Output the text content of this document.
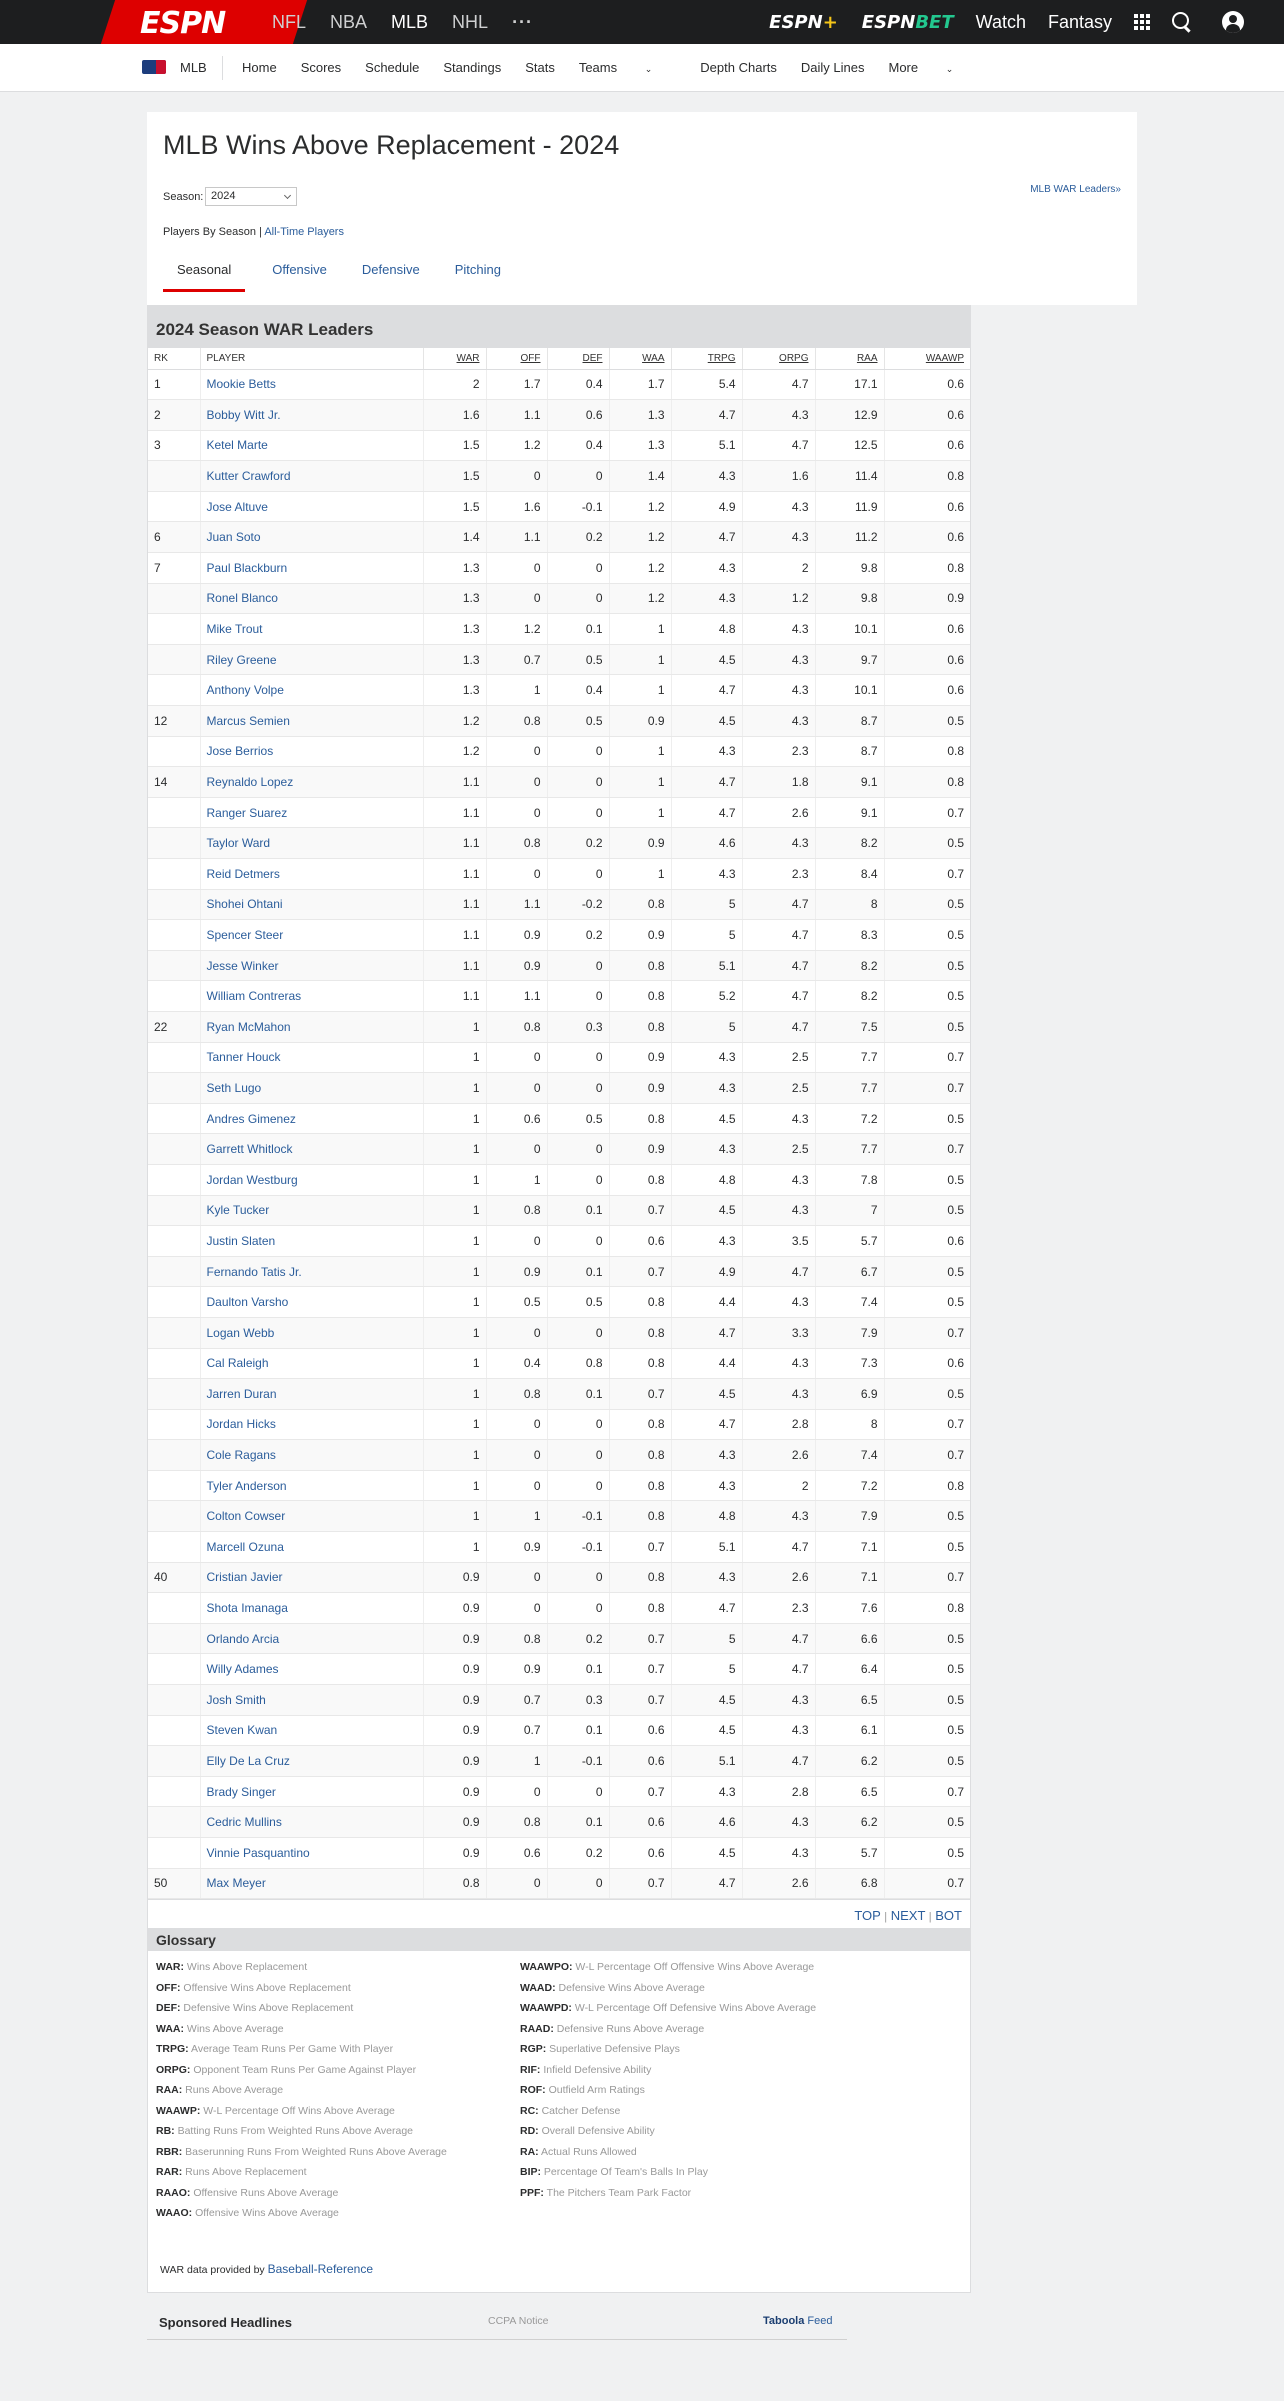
ESPN	NFL NBA MLB NHL ···	ESPN+ ESPNBET Watch Fantasy
MLB	Home Scores Schedule Standings Stats Teams	⌄	Depth Charts Daily Lines More	⌄
MLB Wins Above Replacement - 2024
Season: 2024
MLB WAR Leaders»
Players By Season | All-Time Players
Seasonal	Offensive	Defensive	Pitching
2024 Season WAR Leaders
RK	PLAYER	WAR	OFF	DEF	WAA	TRPG	ORPG	RAA	WAAWP
1	Mookie Betts	2	1.7	0.4	1.7	5.4	4.7	17.1	0.6
2	Bobby Witt Jr.	1.6	1.1	0.6	1.3	4.7	4.3	12.9	0.6
3	Ketel Marte	1.5	1.2	0.4	1.3	5.1	4.7	12.5	0.6
	Kutter Crawford	1.5	0	0	1.4	4.3	1.6	11.4	0.8
	Jose Altuve	1.5	1.6	-0.1	1.2	4.9	4.3	11.9	0.6
6	Juan Soto	1.4	1.1	0.2	1.2	4.7	4.3	11.2	0.6
7	Paul Blackburn	1.3	0	0	1.2	4.3	2	9.8	0.8
	Ronel Blanco	1.3	0	0	1.2	4.3	1.2	9.8	0.9
	Mike Trout	1.3	1.2	0.1	1	4.8	4.3	10.1	0.6
	Riley Greene	1.3	0.7	0.5	1	4.5	4.3	9.7	0.6
	Anthony Volpe	1.3	1	0.4	1	4.7	4.3	10.1	0.6
12	Marcus Semien	1.2	0.8	0.5	0.9	4.5	4.3	8.7	0.5
	Jose Berrios	1.2	0	0	1	4.3	2.3	8.7	0.8
14	Reynaldo Lopez	1.1	0	0	1	4.7	1.8	9.1	0.8
	Ranger Suarez	1.1	0	0	1	4.7	2.6	9.1	0.7
	Taylor Ward	1.1	0.8	0.2	0.9	4.6	4.3	8.2	0.5
	Reid Detmers	1.1	0	0	1	4.3	2.3	8.4	0.7
	Shohei Ohtani	1.1	1.1	-0.2	0.8	5	4.7	8	0.5
	Spencer Steer	1.1	0.9	0.2	0.9	5	4.7	8.3	0.5
	Jesse Winker	1.1	0.9	0	0.8	5.1	4.7	8.2	0.5
	William Contreras	1.1	1.1	0	0.8	5.2	4.7	8.2	0.5
22	Ryan McMahon	1	0.8	0.3	0.8	5	4.7	7.5	0.5
	Tanner Houck	1	0	0	0.9	4.3	2.5	7.7	0.7
	Seth Lugo	1	0	0	0.9	4.3	2.5	7.7	0.7
	Andres Gimenez	1	0.6	0.5	0.8	4.5	4.3	7.2	0.5
	Garrett Whitlock	1	0	0	0.9	4.3	2.5	7.7	0.7
	Jordan Westburg	1	1	0	0.8	4.8	4.3	7.8	0.5
	Kyle Tucker	1	0.8	0.1	0.7	4.5	4.3	7	0.5
	Justin Slaten	1	0	0	0.6	4.3	3.5	5.7	0.6
	Fernando Tatis Jr.	1	0.9	0.1	0.7	4.9	4.7	6.7	0.5
	Daulton Varsho	1	0.5	0.5	0.8	4.4	4.3	7.4	0.5
	Logan Webb	1	0	0	0.8	4.7	3.3	7.9	0.7
	Cal Raleigh	1	0.4	0.8	0.8	4.4	4.3	7.3	0.6
	Jarren Duran	1	0.8	0.1	0.7	4.5	4.3	6.9	0.5
	Jordan Hicks	1	0	0	0.8	4.7	2.8	8	0.7
	Cole Ragans	1	0	0	0.8	4.3	2.6	7.4	0.7
	Tyler Anderson	1	0	0	0.8	4.3	2	7.2	0.8
	Colton Cowser	1	1	-0.1	0.8	4.8	4.3	7.9	0.5
	Marcell Ozuna	1	0.9	-0.1	0.7	5.1	4.7	7.1	0.5
40	Cristian Javier	0.9	0	0	0.8	4.3	2.6	7.1	0.7
	Shota Imanaga	0.9	0	0	0.8	4.7	2.3	7.6	0.8
	Orlando Arcia	0.9	0.8	0.2	0.7	5	4.7	6.6	0.5
	Willy Adames	0.9	0.9	0.1	0.7	5	4.7	6.4	0.5
	Josh Smith	0.9	0.7	0.3	0.7	4.5	4.3	6.5	0.5
	Steven Kwan	0.9	0.7	0.1	0.6	4.5	4.3	6.1	0.5
	Elly De La Cruz	0.9	1	-0.1	0.6	5.1	4.7	6.2	0.5
	Brady Singer	0.9	0	0	0.7	4.3	2.8	6.5	0.7
	Cedric Mullins	0.9	0.8	0.1	0.6	4.6	4.3	6.2	0.5
	Vinnie Pasquantino	0.9	0.6	0.2	0.6	4.5	4.3	5.7	0.5
50	Max Meyer	0.8	0	0	0.7	4.7	2.6	6.8	0.7
TOP | NEXT | BOT
Glossary
WAR: Wins Above Replacement
OFF: Offensive Wins Above Replacement
DEF: Defensive Wins Above Replacement
WAA: Wins Above Average
TRPG: Average Team Runs Per Game With Player
ORPG: Opponent Team Runs Per Game Against Player
RAA: Runs Above Average
WAAWP: W-L Percentage Off Wins Above Average
RB: Batting Runs From Weighted Runs Above Average
RBR: Baserunning Runs From Weighted Runs Above Average
RAR: Runs Above Replacement
RAAO: Offensive Runs Above Average
WAAO: Offensive Wins Above Average
WAAWPO: W-L Percentage Off Offensive Wins Above Average
WAAD: Defensive Wins Above Average
WAAWPD: W-L Percentage Off Defensive Wins Above Average
RAAD: Defensive Runs Above Average
RGP: Superlative Defensive Plays
RIF: Infield Defensive Ability
ROF: Outfield Arm Ratings
RC: Catcher Defense
RD: Overall Defensive Ability
RA: Actual Runs Allowed
BIP: Percentage Of Team's Balls In Play
PPF: The Pitchers Team Park Factor
WAR data provided by Baseball-Reference
Sponsored Headlines	CCPA Notice	Taboola Feed
